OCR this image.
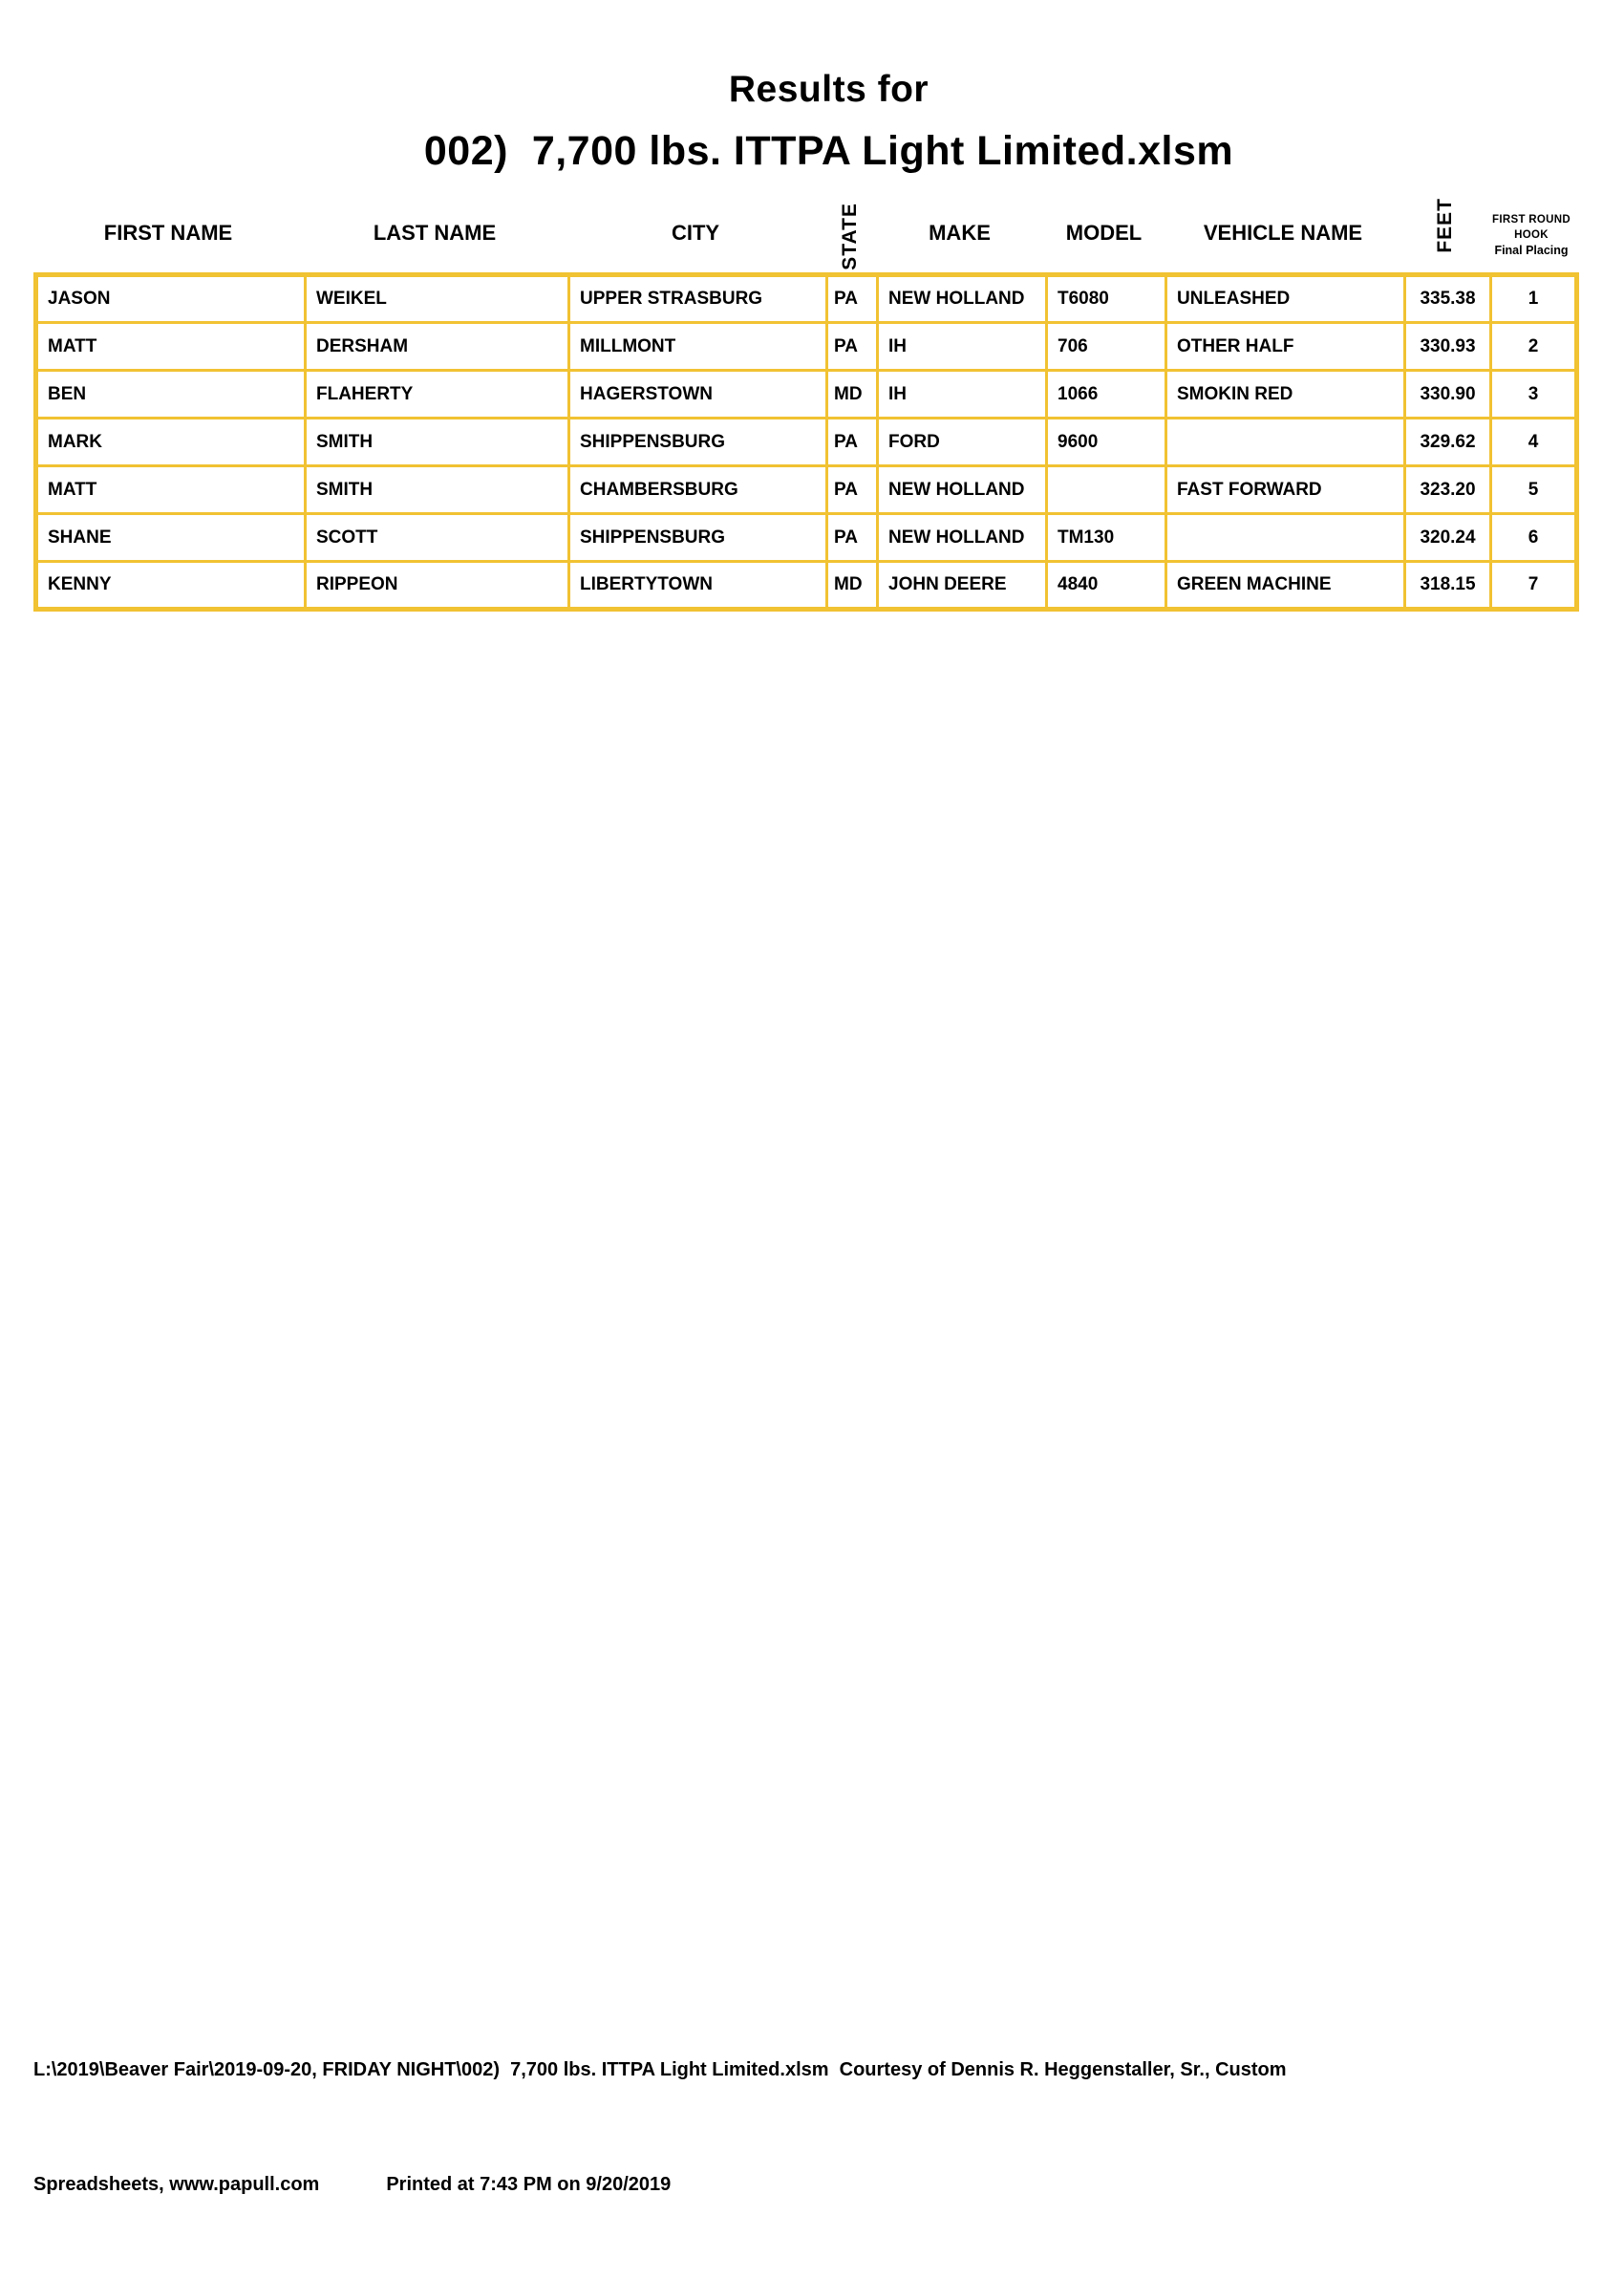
Results for
002)  7,700 lbs. ITTPA Light Limited.xlsm
FIRST NAME	LAST NAME	CITY	STATE	MAKE	MODEL	VEHICLE NAME	FEET	FIRST ROUND
HOOK
Final Placing
JASON	WEIKEL	UPPER STRASBURG	PA	NEW HOLLAND	T6080	UNLEASHED	335.38	1
MATT	DERSHAM	MILLMONT	PA	IH	706	OTHER HALF	330.93	2
BEN	FLAHERTY	HAGERSTOWN	MD	IH	1066	SMOKIN RED	330.90	3
MARK	SMITH	SHIPPENSBURG	PA	FORD	9600		329.62	4
MATT	SMITH	CHAMBERSBURG	PA	NEW HOLLAND		FAST FORWARD	323.20	5
SHANE	SCOTT	SHIPPENSBURG	PA	NEW HOLLAND	TM130		320.24	6
KENNY	RIPPEON	LIBERTYTOWN	MD	JOHN DEERE	4840	GREEN MACHINE	318.15	7

L:\2019\Beaver Fair\2019-09-20, FRIDAY NIGHT\002)  7,700 lbs. ITTPA Light Limited.xlsm  Courtesy of Dennis R. Heggenstaller, Sr., Custom

Spreadsheets, www.papull.com	Printed at 7:43 PM on 9/20/2019
